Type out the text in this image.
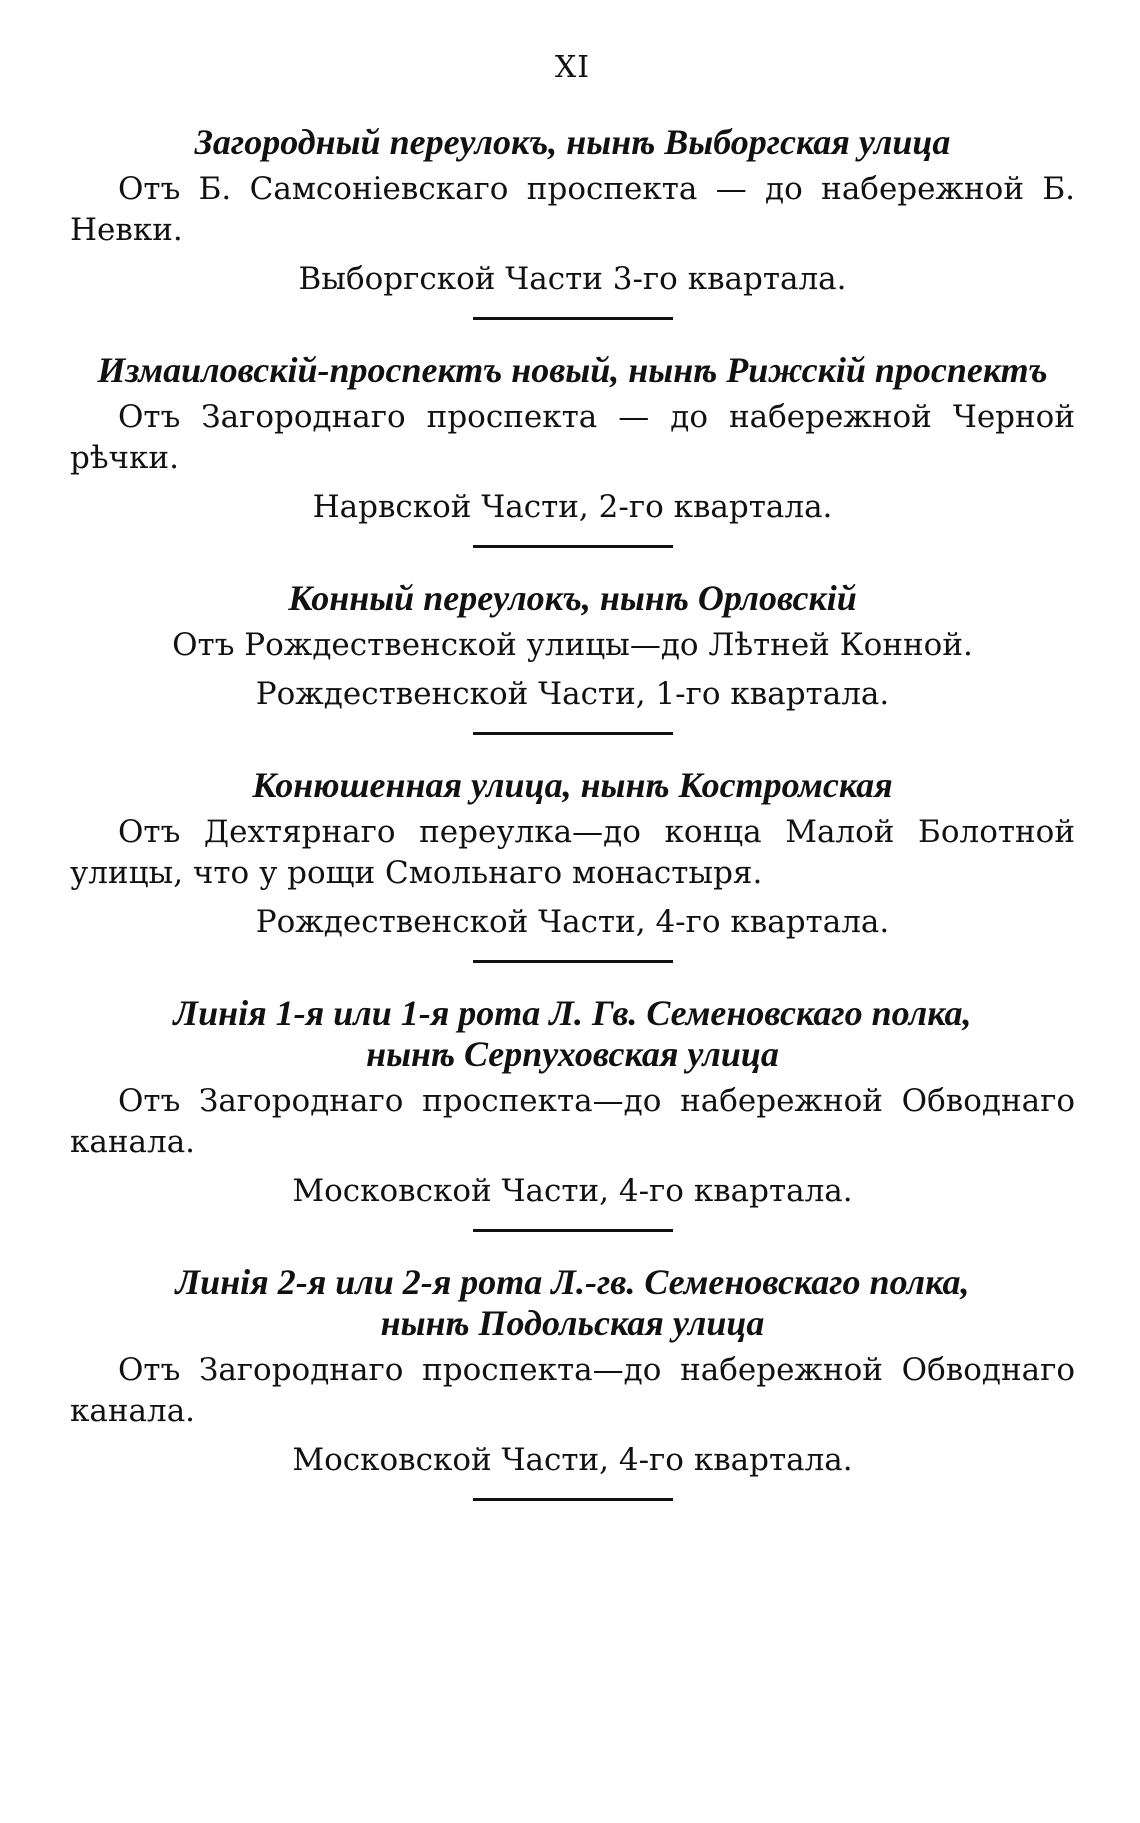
XI
Загородный переулокъ, нынѣ Выборгская улица

Отъ Б. Самсоніевскаго проспекта — до набережной Б. Невки.

Выборгской Части 3-го квартала.

Измаиловскій-проспектъ новый, нынѣ Рижскій проспектъ

Отъ Загороднаго проспекта — до набережной Черной рѣчки.

Нарвской Части, 2-го квартала.

Конный переулокъ, нынѣ Орловскій

Отъ Рождественской улицы—до Лѣтней Конной.

Рождественской Части, 1-го квартала.

Конюшенная улица, нынѣ Костромская

Отъ Дехтярнаго переулка—до конца Малой Болотной улицы, что у рощи Смольнаго монастыря.

Рождественской Части, 4-го квартала.

Линія 1-я или 1-я рота Л. Гв. Семеновскаго полка,
нынѣ Серпуховская улица

Отъ Загороднаго проспекта—до набережной Обводнаго канала.

Московской Части, 4-го квартала.

Линія 2-я или 2-я рота Л.-гв. Семеновскаго полка,
нынѣ Подольская улица

Отъ Загороднаго проспекта—до набережной Обводнаго канала.

Московской Части, 4-го квартала.
